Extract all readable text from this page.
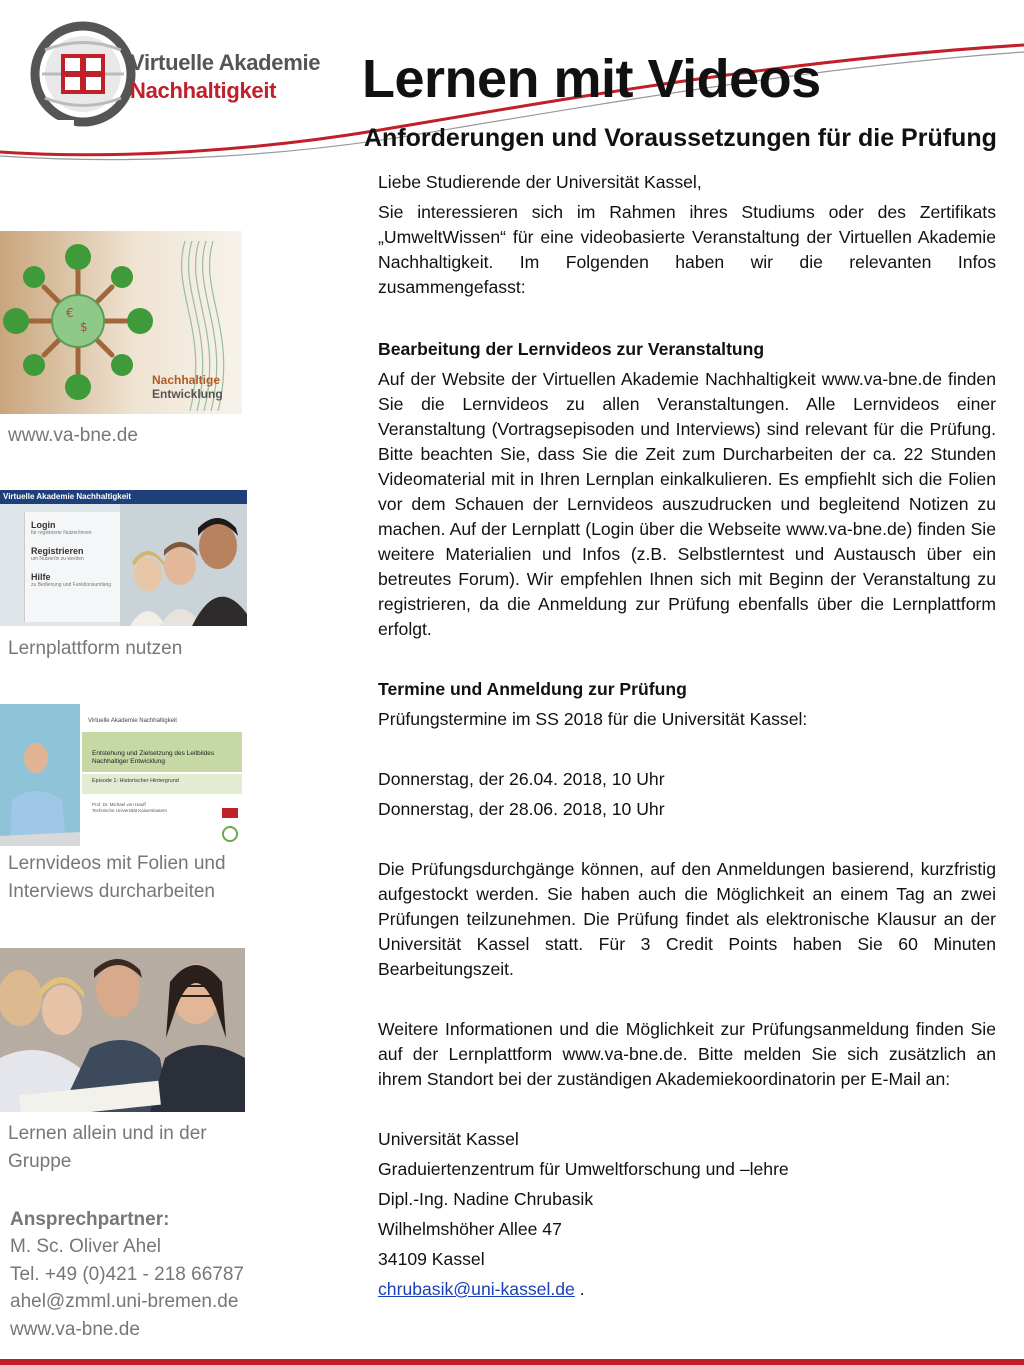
Virtuelle Akademie
Nachhaltigkeit Lernen mit Videos
Anforderungen und Voraussetzungen für die Prüfung
€
$
Nachhaltige
Entwicklung
www.va-bne.de
Virtuelle Akademie Nachhaltigkeit
Login
für registrierte Nutzer/innen
Registrieren
um Nutzer/in zu werden
Hilfe
zu Bedienung und Funktionsumfang
Lernplattform nutzen
Virtuelle Akademie Nachhaltigkeit
Entstehung und Zielsetzung des Leitbildes
Nachhaltiger Entwicklung
Episode 1: Historischer Hintergrund
Prof. Dr. Michael von Hauff
Technische Universität Kaiserslautern
Lernvideos mit Folien und
Interviews durcharbeiten
Lernen allein und in der
Gruppe
Ansprechpartner:
M. Sc. Oliver Ahel
Tel. +49 (0)421 - 218 66787
ahel@zmml.uni-bremen.de
www.va-bne.de

Liebe Studierende der Universität Kassel,

Sie interessieren sich im Rahmen ihres Studiums oder des Zertifikats „UmweltWissen“ für eine videobasierte Veranstaltung der Virtuellen Akademie Nachhaltigkeit. Im Folgenden haben wir die relevanten Infos zusammengefasst:

Bearbeitung der Lernvideos zur Veranstaltung

Auf der Website der Virtuellen Akademie Nachhaltigkeit www.va-bne.de finden Sie die Lernvideos zu allen Veranstaltungen. Alle Lernvideos einer Veranstaltung (Vortragsepisoden und Interviews) sind relevant für die Prüfung. Bitte beachten Sie, dass Sie die Zeit zum Durcharbeiten der ca. 22 Stunden Videomaterial mit in Ihren Lernplan einkalkulieren. Es empfiehlt sich die Folien vor dem Schauen der Lernvideos auszudrucken und begleitend Notizen zu machen. Auf der Lernplatt (Login über die Webseite www.va-bne.de) finden Sie weitere Materialien und Infos (z.B. Selbstlerntest und Austausch über ein betreutes Forum). Wir empfehlen Ihnen sich mit Beginn der Veranstaltung zu registrieren, da die Anmeldung zur Prüfung ebenfalls über die Lernplattform erfolgt.

Termine und Anmeldung zur Prüfung

Prüfungstermine im SS 2018 für die Universität Kassel:

Donnerstag, der 26.04. 2018, 10 Uhr

Donnerstag, der 28.06. 2018, 10 Uhr

Die Prüfungsdurchgänge können, auf den Anmeldungen basierend, kurzfristig aufgestockt werden. Sie haben auch die Möglichkeit an einem Tag an zwei Prüfungen teilzunehmen. Die Prüfung findet als elektronische Klausur an der Universität Kassel statt. Für 3 Credit Points haben Sie 60 Minuten Bearbeitungszeit.

Weitere Informationen und die Möglichkeit zur Prüfungsanmeldung finden Sie auf der Lernplattform www.va-bne.de. Bitte melden Sie sich zusätzlich an ihrem Standort bei der zuständigen Akademiekoordinatorin per E-Mail an:

Universität Kassel

Graduiertenzentrum für Umweltforschung und –lehre

Dipl.-Ing. Nadine Chrubasik

Wilhelmshöher Allee 47

34109 Kassel

chrubasik@uni-kassel.de .
